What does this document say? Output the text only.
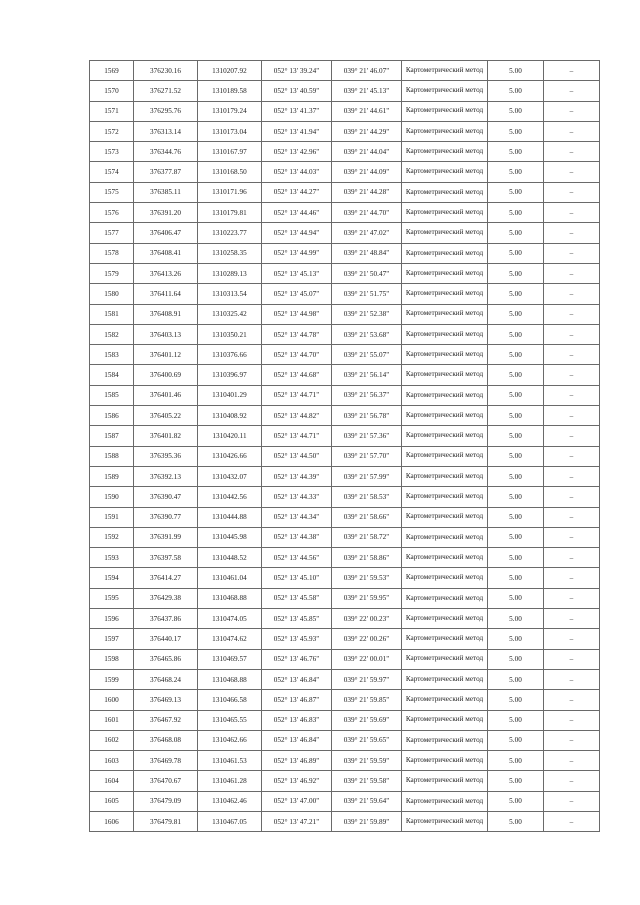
1569	376230.16	1310207.92	052° 13' 39.24"	039° 21' 46.07"	Картометрический метод	5.00	–
1570	376271.52	1310189.58	052° 13' 40.59"	039° 21' 45.13"	Картометрический метод	5.00	–
1571	376295.76	1310179.24	052° 13' 41.37"	039° 21' 44.61"	Картометрический метод	5.00	–
1572	376313.14	1310173.04	052° 13' 41.94"	039° 21' 44.29"	Картометрический метод	5.00	–
1573	376344.76	1310167.97	052° 13' 42.96"	039° 21' 44.04"	Картометрический метод	5.00	–
1574	376377.87	1310168.50	052° 13' 44.03"	039° 21' 44.09"	Картометрический метод	5.00	–
1575	376385.11	1310171.96	052° 13' 44.27"	039° 21' 44.28"	Картометрический метод	5.00	–
1576	376391.20	1310179.81	052° 13' 44.46"	039° 21' 44.70"	Картометрический метод	5.00	–
1577	376406.47	1310223.77	052° 13' 44.94"	039° 21' 47.02"	Картометрический метод	5.00	–
1578	376408.41	1310258.35	052° 13' 44.99"	039° 21' 48.84"	Картометрический метод	5.00	–
1579	376413.26	1310289.13	052° 13' 45.13"	039° 21' 50.47"	Картометрический метод	5.00	–
1580	376411.64	1310313.54	052° 13' 45.07"	039° 21' 51.75"	Картометрический метод	5.00	–
1581	376408.91	1310325.42	052° 13' 44.98"	039° 21' 52.38"	Картометрический метод	5.00	–
1582	376403.13	1310350.21	052° 13' 44.78"	039° 21' 53.68"	Картометрический метод	5.00	–
1583	376401.12	1310376.66	052° 13' 44.70"	039° 21' 55.07"	Картометрический метод	5.00	–
1584	376400.69	1310396.97	052° 13' 44.68"	039° 21' 56.14"	Картометрический метод	5.00	–
1585	376401.46	1310401.29	052° 13' 44.71"	039° 21' 56.37"	Картометрический метод	5.00	–
1586	376405.22	1310408.92	052° 13' 44.82"	039° 21' 56.78"	Картометрический метод	5.00	–
1587	376401.82	1310420.11	052° 13' 44.71"	039° 21' 57.36"	Картометрический метод	5.00	–
1588	376395.36	1310426.66	052° 13' 44.50"	039° 21' 57.70"	Картометрический метод	5.00	–
1589	376392.13	1310432.07	052° 13' 44.39"	039° 21' 57.99"	Картометрический метод	5.00	–
1590	376390.47	1310442.56	052° 13' 44.33"	039° 21' 58.53"	Картометрический метод	5.00	–
1591	376390.77	1310444.88	052° 13' 44.34"	039° 21' 58.66"	Картометрический метод	5.00	–
1592	376391.99	1310445.98	052° 13' 44.38"	039° 21' 58.72"	Картометрический метод	5.00	–
1593	376397.58	1310448.52	052° 13' 44.56"	039° 21' 58.86"	Картометрический метод	5.00	–
1594	376414.27	1310461.04	052° 13' 45.10"	039° 21' 59.53"	Картометрический метод	5.00	–
1595	376429.38	1310468.88	052° 13' 45.58"	039° 21' 59.95"	Картометрический метод	5.00	–
1596	376437.86	1310474.05	052° 13' 45.85"	039° 22' 00.23"	Картометрический метод	5.00	–
1597	376440.17	1310474.62	052° 13' 45.93"	039° 22' 00.26"	Картометрический метод	5.00	–
1598	376465.86	1310469.57	052° 13' 46.76"	039° 22' 00.01"	Картометрический метод	5.00	–
1599	376468.24	1310468.88	052° 13' 46.84"	039° 21' 59.97"	Картометрический метод	5.00	–
1600	376469.13	1310466.58	052° 13' 46.87"	039° 21' 59.85"	Картометрический метод	5.00	–
1601	376467.92	1310465.55	052° 13' 46.83"	039° 21' 59.69"	Картометрический метод	5.00	–
1602	376468.08	1310462.66	052° 13' 46.84"	039° 21' 59.65"	Картометрический метод	5.00	–
1603	376469.78	1310461.53	052° 13' 46.89"	039° 21' 59.59"	Картометрический метод	5.00	–
1604	376470.67	1310461.28	052° 13' 46.92"	039° 21' 59.58"	Картометрический метод	5.00	–
1605	376479.09	1310462.46	052° 13' 47.00"	039° 21' 59.64"	Картометрический метод	5.00	–
1606	376479.81	1310467.05	052° 13' 47.21"	039° 21' 59.89"	Картометрический метод	5.00	–
